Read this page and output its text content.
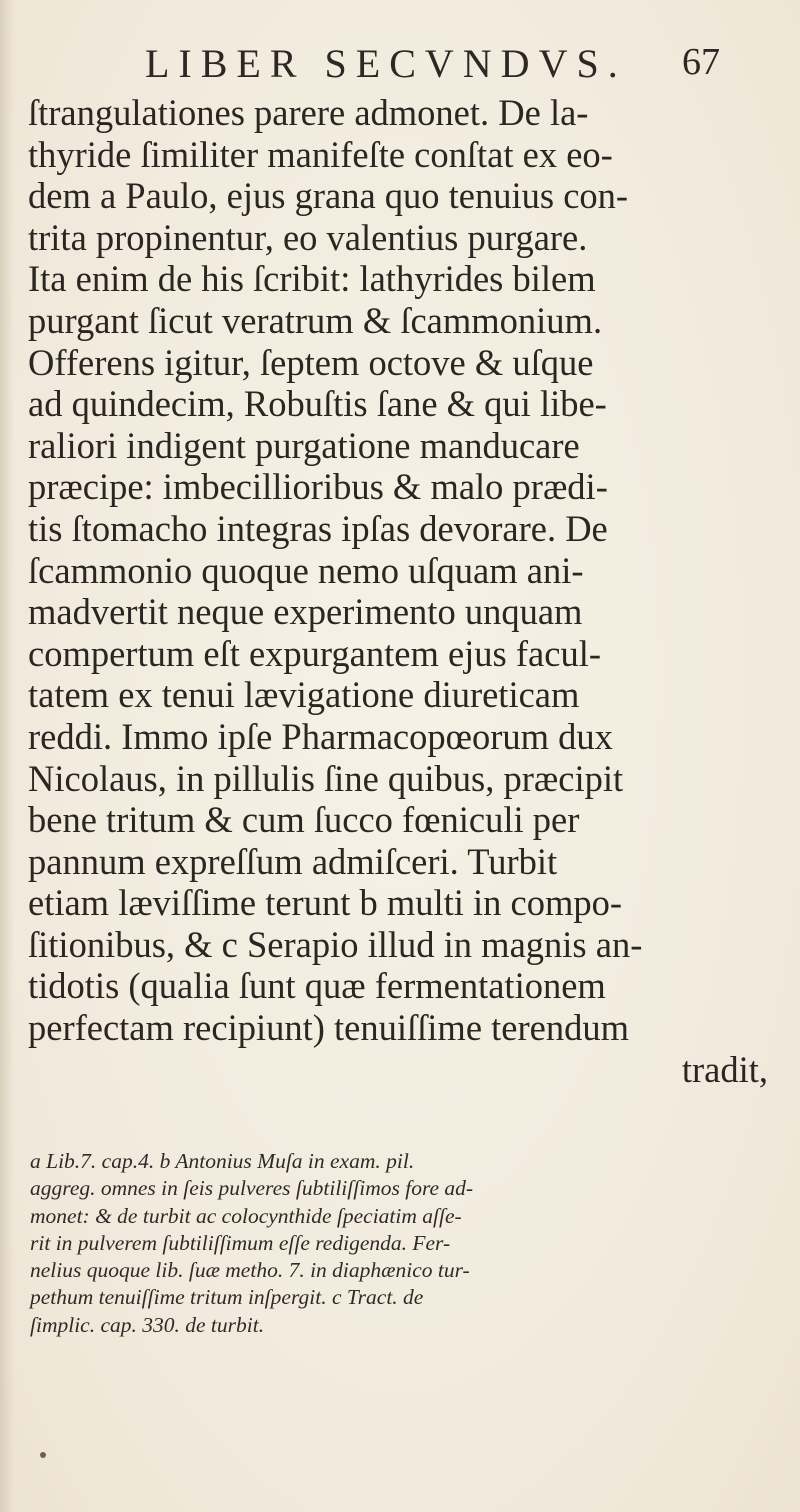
LIBER SECVNDVS. 67
ſtrangulationes parere admonet. De la-
thyride ſimiliter manifeſte conſtat ex eo-
dem a Paulo, ejus grana quo tenuius con-
trita propinentur, eo valentius purgare.
Ita enim de his ſcribit: lathyrides bilem
purgant ſicut veratrum & ſcammonium.
Offerens igitur, ſeptem octove & uſque
ad quindecim, Robuſtis ſane & qui libe-
raliori indigent purgatione manducare
præcipe: imbecillioribus & malo prædi-
tis ſtomacho integras ipſas devorare. De
ſcammonio quoque nemo uſquam ani-
madvertit neque experimento unquam
compertum eſt expurgantem ejus facul-
tatem ex tenui lævigatione diureticam
reddi. Immo ipſe Pharmacopœorum dux
Nicolaus, in pillulis ſine quibus, præcipit
bene tritum & cum ſucco fœniculi per
pannum expreſſum admiſceri. Turbit
etiam læviſſime terunt b multi in compo-
ſitionibus, & c Serapio illud in magnis an-
tidotis (qualia ſunt quæ fermentationem
perfectam recipiunt) tenuiſſime terendum
tradit,
a Lib.7. cap.4. b Antonius Muſa in exam. pil.
aggreg. omnes in ſeis pulveres ſubtiliſſimos fore ad-
monet: & de turbit ac colocynthide ſpeciatim aſſe-
rit in pulverem ſubtiliſſimum eſſe redigenda. Fer-
nelius quoque lib. ſuæ metho. 7. in diaphænico tur-
pethum tenuiſſime tritum inſpergit. c Tract. de
ſimplic. cap. 330. de turbit.
